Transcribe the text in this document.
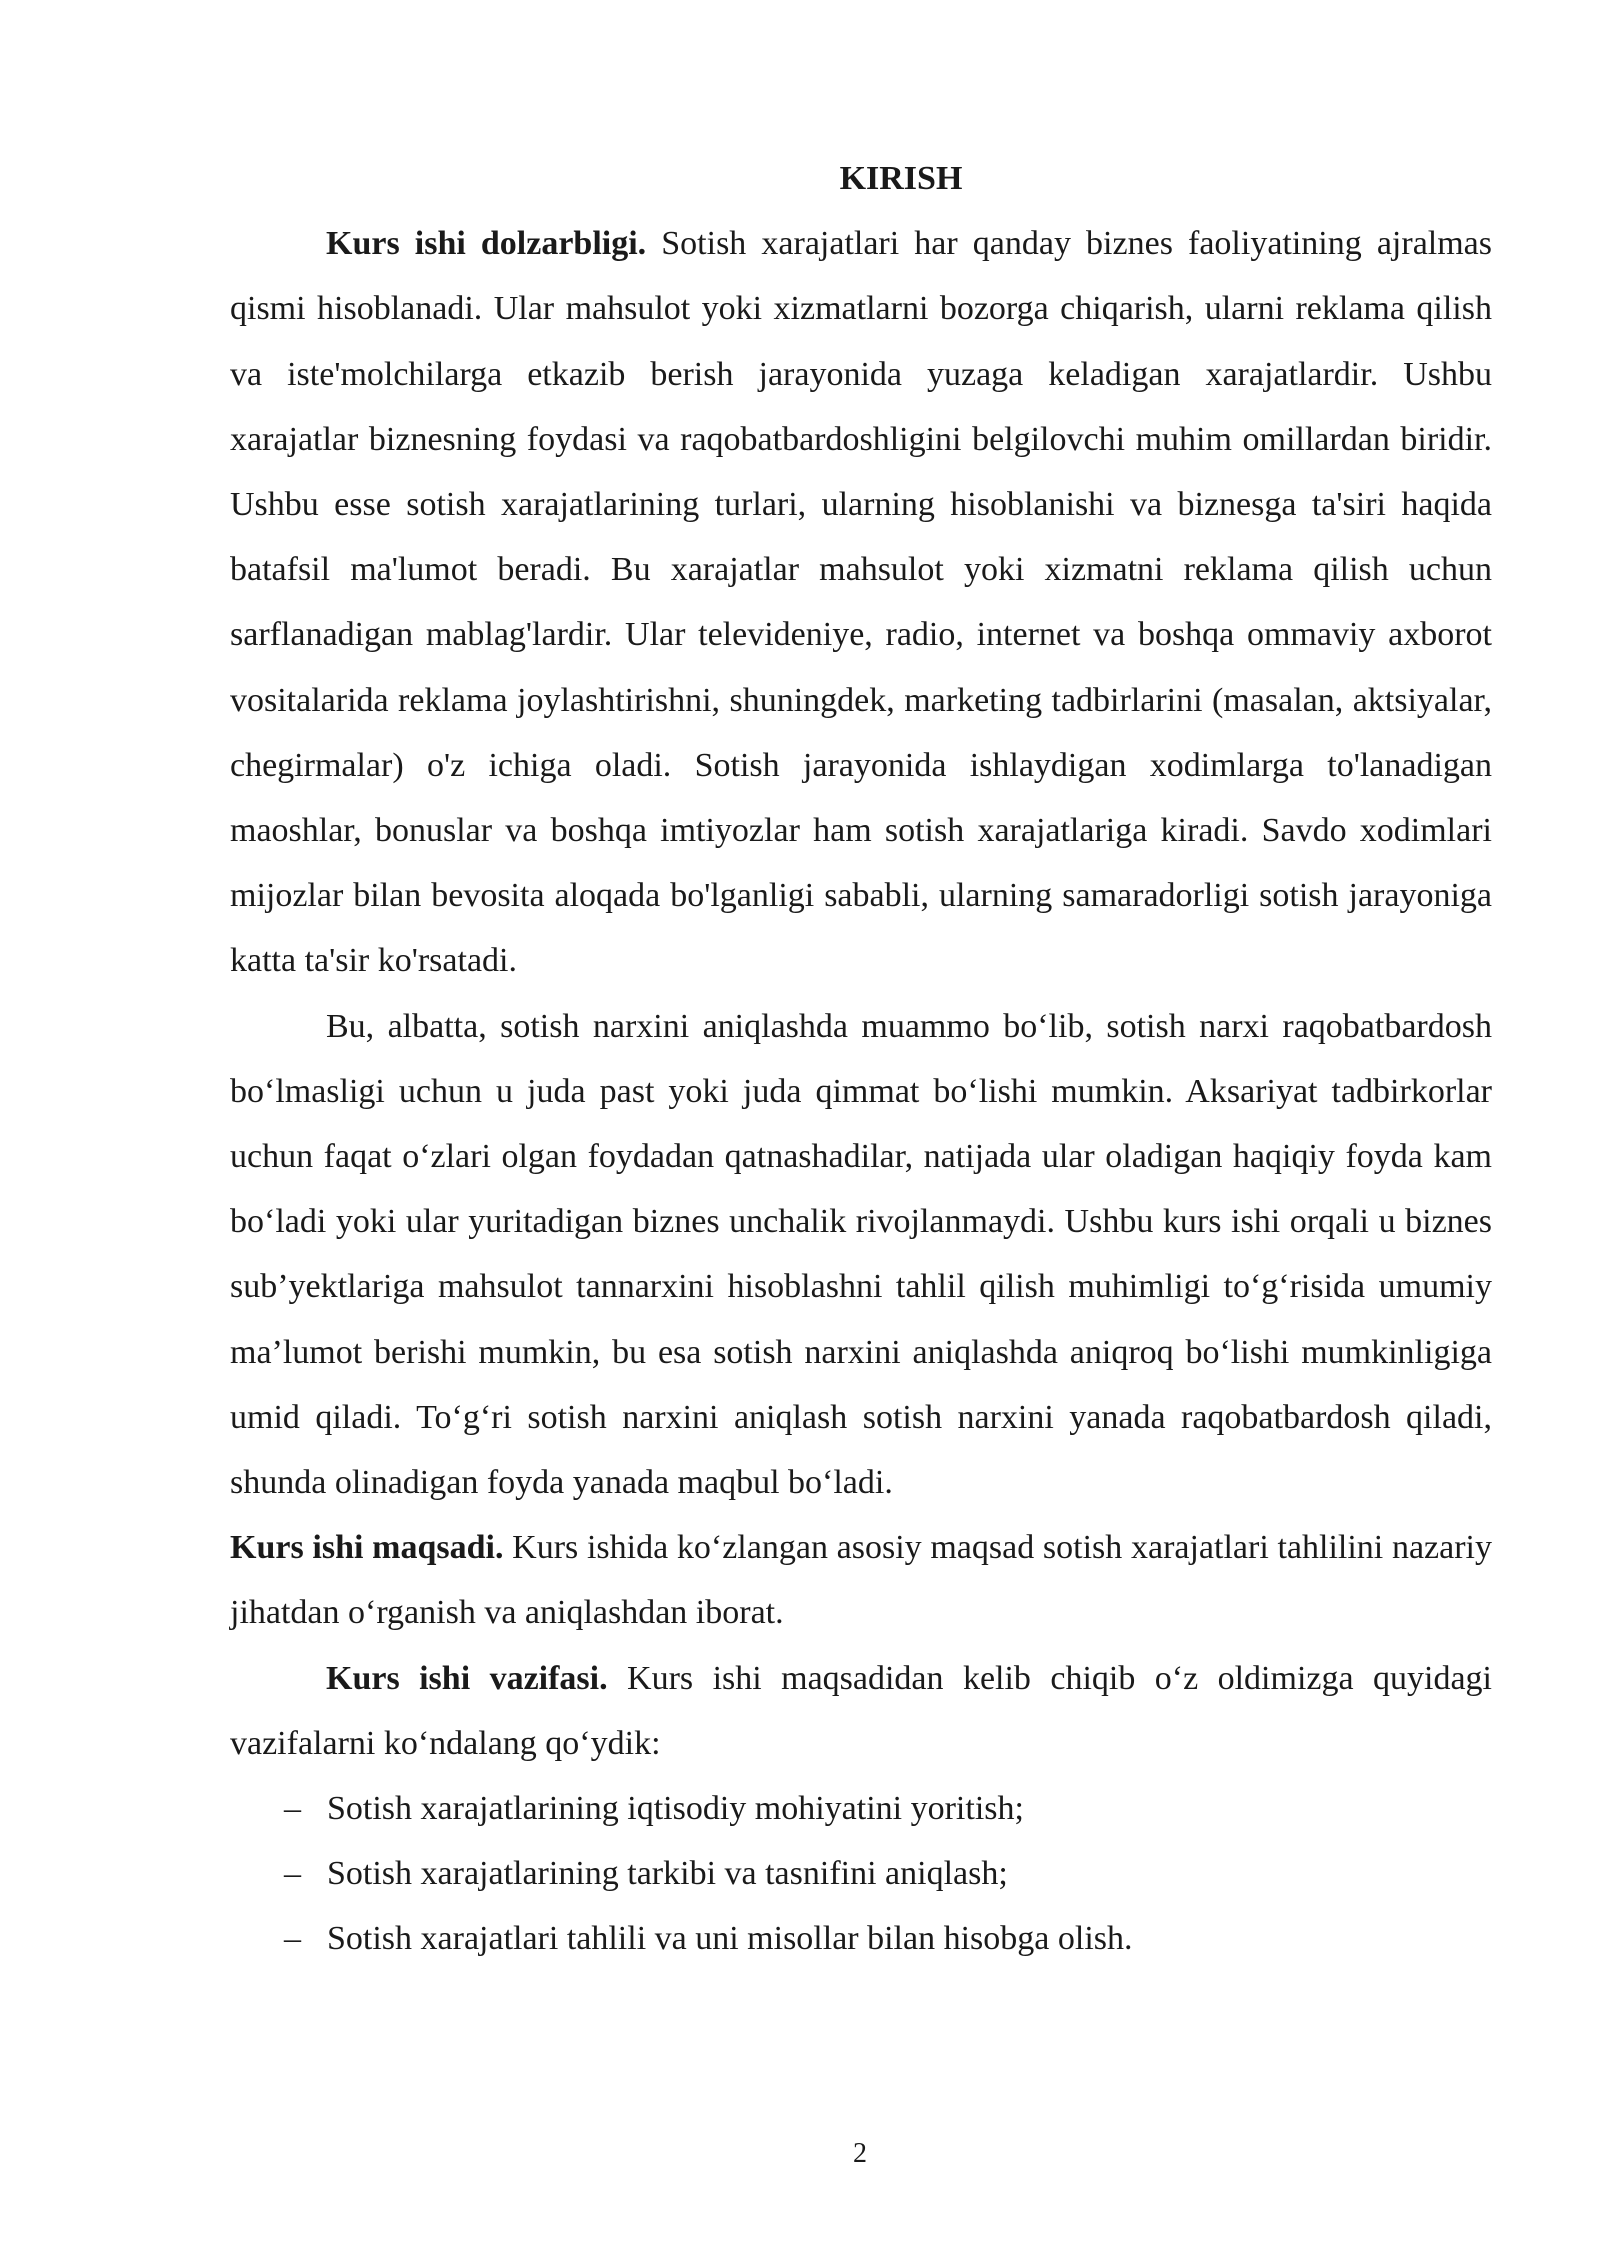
KIRISH

Kurs ishi dolzarbligi. Sotish xarajatlari har qanday biznes faoliyatining ajralmas qismi hisoblanadi. Ular mahsulot yoki xizmatlarni bozorga chiqarish, ularni reklama qilish va iste'molchilarga etkazib berish jarayonida yuzaga keladigan xarajatlardir. Ushbu xarajatlar biznesning foydasi va raqobatbardoshligini belgilovchi muhim omillardan biridir. Ushbu esse sotish xarajatlarining turlari, ularning hisoblanishi va biznesga ta'siri haqida batafsil ma'lumot beradi. Bu xarajatlar mahsulot yoki xizmatni reklama qilish uchun sarflanadigan mablag'lardir. Ular televideniye, radio, internet va boshqa ommaviy axborot vositalarida reklama joylashtirishni, shuningdek, marketing tadbirlarini (masalan, aktsiyalar, chegirmalar) o'z ichiga oladi. Sotish jarayonida ishlaydigan xodimlarga to'lanadigan maoshlar, bonuslar va boshqa imtiyozlar ham sotish xarajatlariga kiradi. Savdo xodimlari mijozlar bilan bevosita aloqada bo'lganligi sababli, ularning samaradorligi sotish jarayoniga katta ta'sir ko'rsatadi.

Bu, albatta, sotish narxini aniqlashda muammo bo‘lib, sotish narxi raqobatbardosh bo‘lmasligi uchun u juda past yoki juda qimmat bo‘lishi mumkin. Aksariyat tadbirkorlar uchun faqat o‘zlari olgan foydadan qatnashadilar, natijada ular oladigan haqiqiy foyda kam bo‘ladi yoki ular yuritadigan biznes unchalik rivojlanmaydi. Ushbu kurs ishi orqali u biznes sub’yektlariga mahsulot tannarxini hisoblashni tahlil qilish muhimligi to‘g‘risida umumiy ma’lumot berishi mumkin, bu esa sotish narxini aniqlashda aniqroq bo‘lishi mumkinligiga umid qiladi. To‘g‘ri sotish narxini aniqlash sotish narxini yanada raqobatbardosh qiladi, shunda olinadigan foyda yanada maqbul bo‘ladi.

Kurs ishi maqsadi. Kurs ishida ko‘zlangan asosiy maqsad sotish xarajatlari tahlilini nazariy jihatdan o‘rganish va aniqlashdan iborat.

Kurs ishi vazifasi. Kurs ishi maqsadidan kelib chiqib o‘z oldimizga quyidagi vazifalarni ko‘ndalang qo‘ydik:

– Sotish xarajatlarining iqtisodiy mohiyatini yoritish;
– Sotish xarajatlarining tarkibi va tasnifini aniqlash;
– Sotish xarajatlari tahlili va uni misollar bilan hisobga olish.
2
